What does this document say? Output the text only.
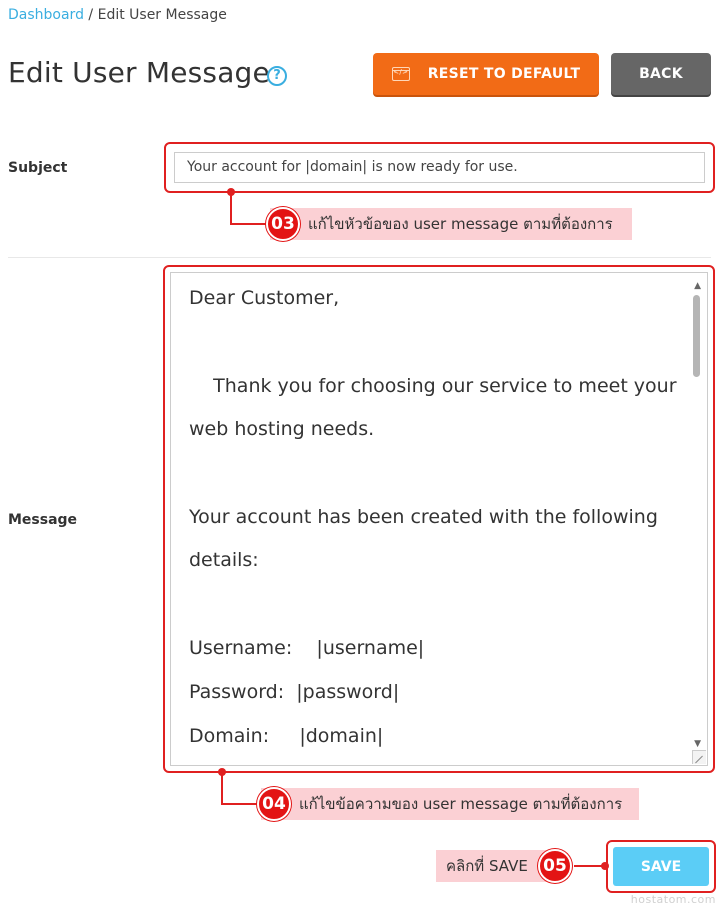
Dashboard / Edit User Message
Edit User Message ?	</> RESET TO DEFAULT	BACK
Subject	Your account for |domain| is now ready for use.
แก้ไขหัวข้อของ user message ตามที่ต้องการ
03
Message
Dear Customer,
Thank you for choosing our service to meet your
web hosting needs.
Your account has been created with the following
details:
Username:    |username|
Password:  |password|
Domain:     |domain|
▲
▼
แก้ไขข้อความของ user message ตามที่ต้องการ
04
คลิกที่ SAVE 05	SAVE
hostatom.com
